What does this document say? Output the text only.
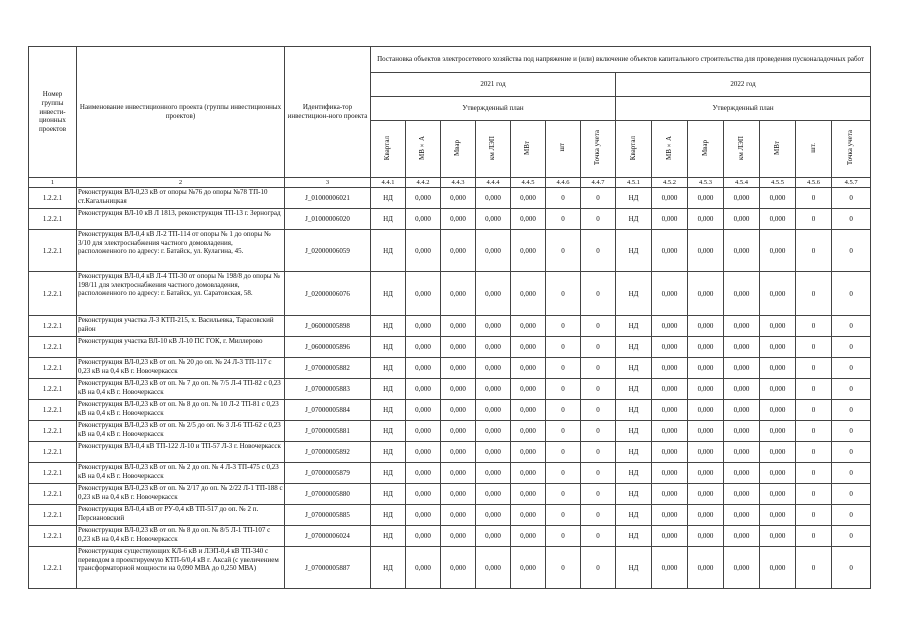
Номер группы инвести-ционных проектов	Наименование инвестиционного проекта (группы инвестиционных проектов)	Идентифика-тор инвестицион-ного проекта	Постановка объектов электросетевого хозяйства под напряжение и (или) включение объектов капитального строительства для проведения пусконаладочных работ													
			2021 год							2022 год						
			Утвержденный план							Утвержденный план						
			Квартал	МВ×А	Мвар	км ЛЭП	МВт	шт	Точка учета	Квартал	МВ×А	Мвар	км ЛЭП	МВт	шт.	Точка учета
1	2	3	4.4.1	4.4.2	4.4.3	4.4.4	4.4.5	4.4.6	4.4.7	4.5.1	4.5.2	4.5.3	4.5.4	4.5.5	4.5.6	4.5.7
1.2.2.1	Реконструкция ВЛ-0,23 кВ от опоры №76 до опоры №78 ТП-10 ст.Кагальницкая	J_01000006021	НД	0,000	0,000	0,000	0,000	0	0	НД	0,000	0,000	0,000	0,000	0	0
1.2.2.1	Реконструкция ВЛ-10 кВ Л 1813, реконструкция ТП-13 г. Зерноград	J_01000006020	НД	0,000	0,000	0,000	0,000	0	0	НД	0,000	0,000	0,000	0,000	0	0
1.2.2.1	Реконструкция ВЛ-0,4 кВ Л-2 ТП-114 от опоры № 1 до опоры № 3/10 для электроснабжения частного домовладения, расположенного по адресу: г. Батайск, ул. Кулагина, 45.	J_02000006059	НД	0,000	0,000	0,000	0,000	0	0	НД	0,000	0,000	0,000	0,000	0	0
1.2.2.1	Реконструкция ВЛ-0,4 кВ Л-4 ТП-30 от опоры № 198/8 до опоры № 198/11 для электроснабжения частного домовладения, расположенного по адресу: г. Батайск, ул. Саратовская, 58.	J_02000006076	НД	0,000	0,000	0,000	0,000	0	0	НД	0,000	0,000	0,000	0,000	0	0
1.2.2.1	Реконструкция участка Л-3 КТП-215, х. Васильевка, Тарасовский район	J_06000005898	НД	0,000	0,000	0,000	0,000	0	0	НД	0,000	0,000	0,000	0,000	0	0
1.2.2.1	Реконструкция участка ВЛ-10 кВ Л-10 ПС ГОК, г. Миллерово	J_06000005896	НД	0,000	0,000	0,000	0,000	0	0	НД	0,000	0,000	0,000	0,000	0	0
1.2.2.1	Реконструкция ВЛ-0,23 кВ от оп. № 20 до оп. № 24 Л-3 ТП-117 с 0,23 кВ на 0,4 кВ г. Новочеркасск	J_07000005882	НД	0,000	0,000	0,000	0,000	0	0	НД	0,000	0,000	0,000	0,000	0	0
1.2.2.1	Реконструкция ВЛ-0,23 кВ от оп. № 7 до оп. № 7/5 Л-4 ТП-82 с 0,23 кВ на 0,4 кВ г. Новочеркасск	J_07000005883	НД	0,000	0,000	0,000	0,000	0	0	НД	0,000	0,000	0,000	0,000	0	0
1.2.2.1	Реконструкция ВЛ-0,23 кВ от оп. № 8 до оп. № 10 Л-2 ТП-81 с 0,23 кВ на 0,4 кВ г. Новочеркасск	J_07000005884	НД	0,000	0,000	0,000	0,000	0	0	НД	0,000	0,000	0,000	0,000	0	0
1.2.2.1	Реконструкция ВЛ-0,23 кВ от оп. № 2/5 до оп. № 3 Л-6 ТП-62 с 0,23 кВ на 0,4 кВ г. Новочеркасск	J_07000005881	НД	0,000	0,000	0,000	0,000	0	0	НД	0,000	0,000	0,000	0,000	0	0
1.2.2.1	Реконструкция ВЛ-0,4 кВ ТП-122 Л-10 и ТП-57 Л-3 г. Новочеркасск	J_07000005892	НД	0,000	0,000	0,000	0,000	0	0	НД	0,000	0,000	0,000	0,000	0	0
1.2.2.1	Реконструкция ВЛ-0,23 кВ от оп. № 2 до оп. № 4 Л-3 ТП-475 с 0,23 кВ на 0,4 кВ г. Новочеркасск	J_07000005879	НД	0,000	0,000	0,000	0,000	0	0	НД	0,000	0,000	0,000	0,000	0	0
1.2.2.1	Реконструкция ВЛ-0,23 кВ от оп. № 2/17 до оп. № 2/22 Л-1 ТП-188 с 0,23 кВ на 0,4 кВ г. Новочеркасск	J_07000005880	НД	0,000	0,000	0,000	0,000	0	0	НД	0,000	0,000	0,000	0,000	0	0
1.2.2.1	Реконструкция ВЛ-0,4 кВ от РУ-0,4 кВ ТП-517 до оп. № 2 п. Персиановский	J_07000005885	НД	0,000	0,000	0,000	0,000	0	0	НД	0,000	0,000	0,000	0,000	0	0
1.2.2.1	Реконструкция ВЛ-0,23 кВ от оп. № 8 до оп. № 8/5 Л-1 ТП-107 с 0,23 кВ на 0,4 кВ г. Новочеркасск	J_07000006024	НД	0,000	0,000	0,000	0,000	0	0	НД	0,000	0,000	0,000	0,000	0	0
1.2.2.1	Реконструкция существующих КЛ-6 кВ и ЛЭП-0,4 кВ ТП-340 с переводом в проектируемую КТП-6/0,4 кВ г. Аксай (с увеличением трансформаторной мощности на 0,090 МВА до 0,250 МВА)	J_07000005887	НД	0,000	0,000	0,000	0,000	0	0	НД	0,000	0,000	0,000	0,000	0	0
